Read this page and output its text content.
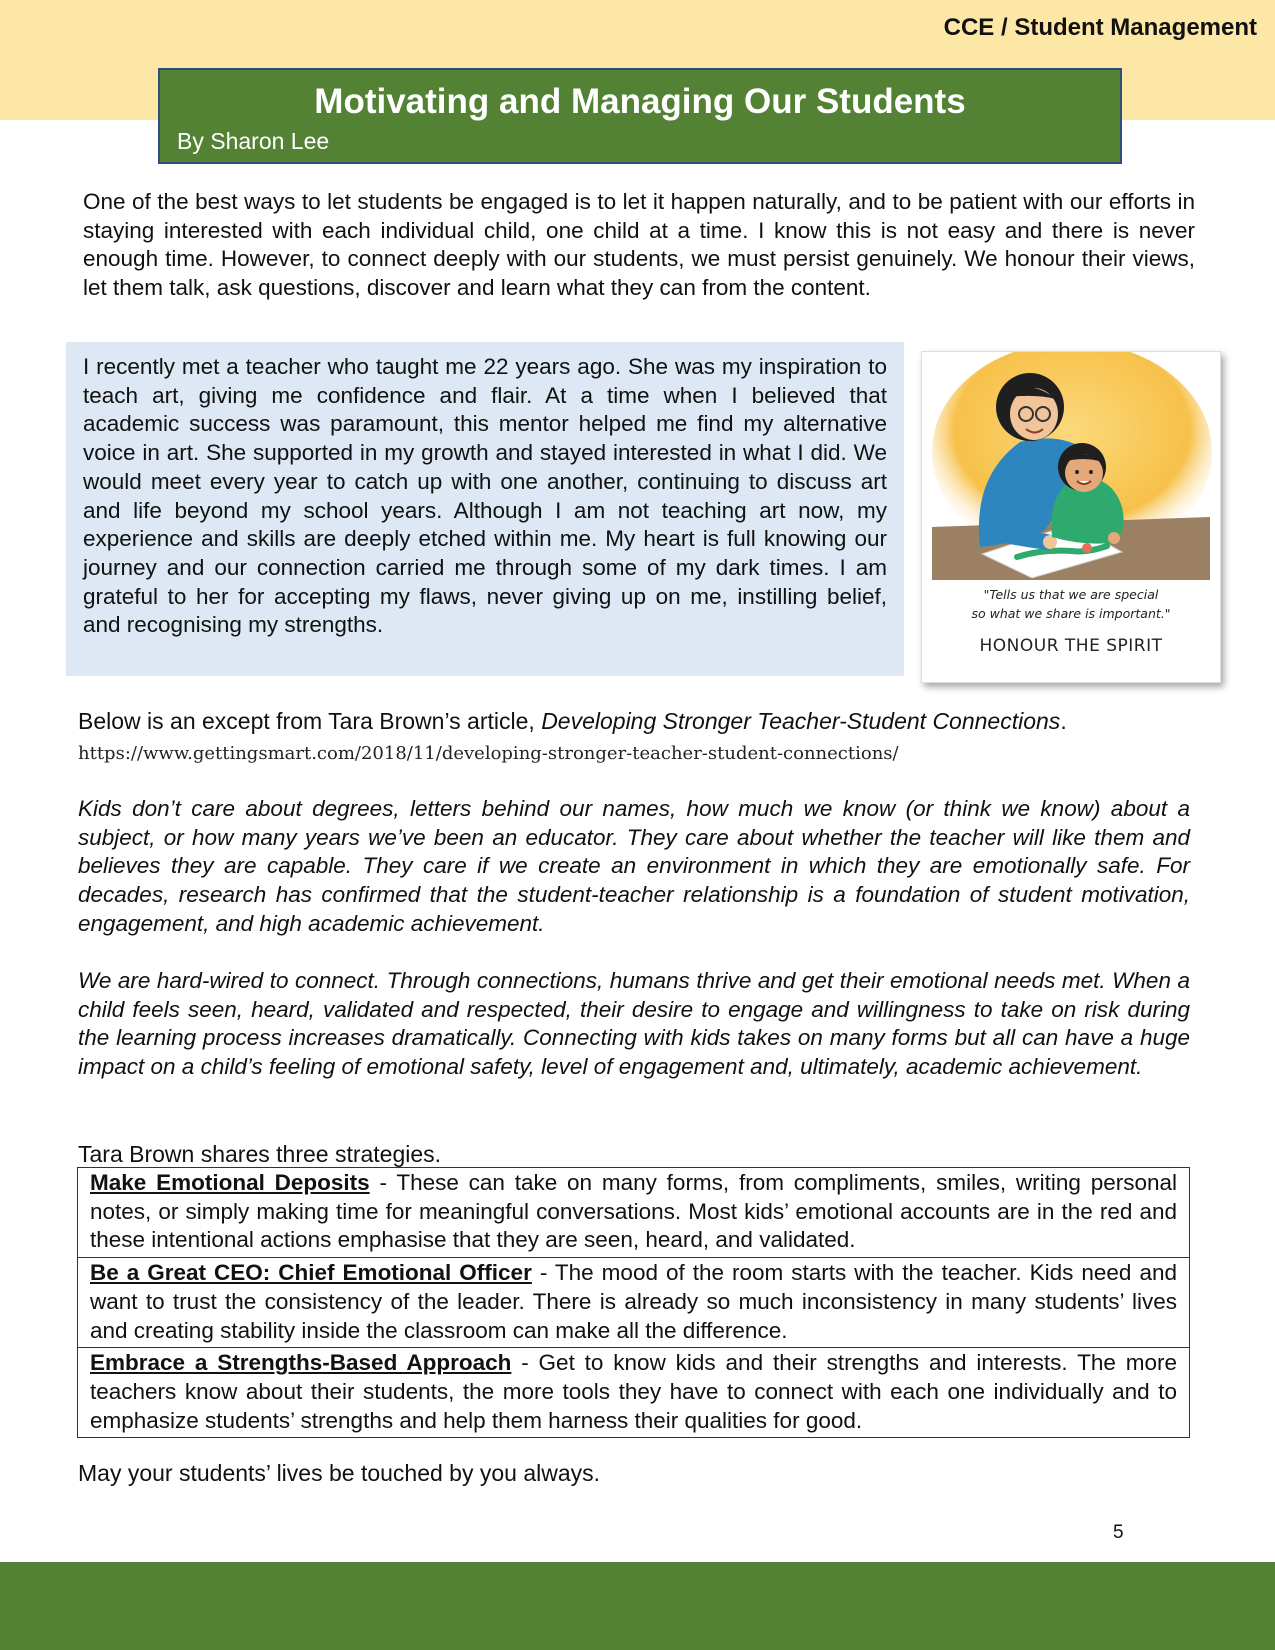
CCE / Student Management
Motivating and Managing Our Students
By Sharon Lee

One of the best ways to let students be engaged is to let it happen naturally, and to be patient with our efforts in staying interested with each individual child, one child at a time. I know this is not easy and there is never enough time. However, to connect deeply with our students, we must persist genuinely. We honour their views, let them talk, ask questions, discover and learn what they can from the content.

I recently met a teacher who taught me 22 years ago. She was my inspiration to teach art, giving me confidence and flair. At a time when I believed that academic success was paramount, this mentor helped me find my alternative voice in art. She supported in my growth and stayed interested in what I did. We would meet every year to catch up with one another, continuing to discuss art and life beyond my school years. Although I am not teaching art now, my experience and skills are deeply etched within me. My heart is full knowing our journey and our connection carried me through some of my dark times. I am grateful to her for accepting my flaws, never giving up on me, instilling belief, and recognising my strengths.

"Tells us that we are special
so what we share is important."
HONOUR THE SPIRIT
Below is an except from Tara Brown’s article, Developing Stronger Teacher-Student Connections.
https://www.gettingsmart.com/2018/11/developing-stronger-teacher-student-connections/

Kids don’t care about degrees, letters behind our names, how much we know (or think we know) about a subject, or how many years we’ve been an educator. They care about whether the teacher will like them and believes they are capable. They care if we create an environment in which they are emotionally safe. For decades, research has confirmed that the student-teacher relationship is a foundation of student motivation, engagement, and high academic achievement.

We are hard-wired to connect. Through connections, humans thrive and get their emotional needs met. When a child feels seen, heard, validated and respected, their desire to engage and willingness to take on risk during the learning process increases dramatically. Connecting with kids takes on many forms but all can have a huge impact on a child’s feeling of emotional safety, level of engagement and, ultimately, academic achievement.

Tara Brown shares three strategies.
Make Emotional Deposits - These can take on many forms, from compliments, smiles, writing personal notes, or simply making time for meaningful conversations. Most kids’ emotional accounts are in the red and these intentional actions emphasise that they are seen, heard, and validated.
Be a Great CEO: Chief Emotional Officer - The mood of the room starts with the teacher. Kids need and want to trust the consistency of the leader. There is already so much inconsistency in many students’ lives and creating stability inside the classroom can make all the difference.
Embrace a Strengths-Based Approach - Get to know kids and their strengths and interests. The more teachers know about their students, the more tools they have to connect with each one individually and to emphasize students’ strengths and help them harness their qualities for good.
May your students’ lives be touched by you always.
5
